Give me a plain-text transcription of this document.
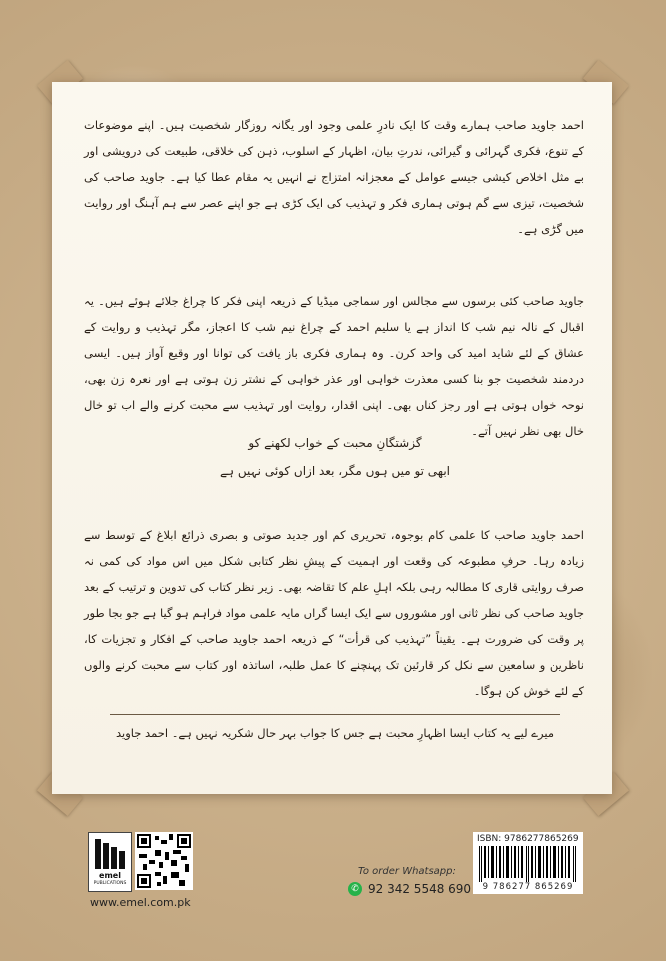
احمد جاوید صاحب ہمارے وقت کا ایک نادرِ علمی وجود اور یگانہ روزگار شخصیت ہیں۔ اپنے موضوعات کے تنوع، فکری گہرائی و گیرائی، ندرتِ بیان، اظہار کے اسلوب، ذہن کی خلاقی، طبیعت کی درویشی اور بے مثل اخلاص کیشی جیسے عوامل کے معجزانہ امتزاج نے انہیں یہ مقام عطا کیا ہے۔ جاوید صاحب کی شخصیت، تیزی سے گم ہوتی ہماری فکر و تہذیب کی ایک کڑی ہے جو اپنے عصر سے ہم آہنگ اور روایت میں گڑی ہے۔
جاوید صاحب کئی برسوں سے مجالس اور سماجی میڈیا کے ذریعہ اپنی فکر کا چراغ جلائے ہوئے ہیں۔ یہ اقبال کے نالہ نیم شب کا انداز ہے یا سلیم احمد کے چراغ نیم شب کا اعجاز، مگر تہذیب و روایت کے عشاق کے لئے شاید امید کی واحد کرن۔ وہ ہماری فکری باز یافت کی توانا اور وقیع آواز ہیں۔ ایسی دردمند شخصیت جو بنا کسی معذرت خواہی اور عذر خواہی کے نشتر زن ہوتی ہے اور نعرہ زن بھی، نوحہ خواں ہوتی ہے اور رجز کناں بھی۔ اپنی اقدار، روایت اور تہذیب سے محبت کرنے والے اب تو خال خال بھی نظر نہیں آتے۔
گزشتگانِ محبت کے خواب لکھنے کو
ابھی تو میں ہوں مگر، بعد ازاں کوئی نہیں ہے
احمد جاوید صاحب کا علمی کام بوجوہ، تحریری کم اور جدید صوتی و بصری ذرائع ابلاغ کے توسط سے زیادہ رہا۔ حرفِ مطبوعہ کی وقعت اور اہمیت کے پیشِ نظر کتابی شکل میں اس مواد کی کمی نہ صرف روایتی قاری کا مطالبہ رہی بلکہ اہلِ علم کا تقاضہ بھی۔ زیر نظر کتاب کی تدوین و ترتیب کے بعد جاوید صاحب کی نظر ثانی اور مشوروں سے ایک ایسا گراں مایہ علمی مواد فراہم ہو گیا ہے جو بجا طور پر وقت کی ضرورت ہے۔ یقیناً ”تہذیب کی قرأت“ کے ذریعہ احمد جاوید صاحب کے افکار و تجزیات کا، ناظرین و سامعین سے نکل کر قارئین تک پہنچنے کا عمل طلبہ، اساتذہ اور کتاب سے محبت کرنے والوں کے لئے خوش کن ہوگا۔
میرے لیے یہ کتاب ایسا اظہارِ محبت ہے جس کا جواب بہر حال شکریہ نہیں ہے۔ احمد جاوید
emel
PUBLICATIONS
www.emel.com.pk
To order Whatsapp:
✆ 92 342 5548 690
ISBN: 9786277865269
9 786277 865269
